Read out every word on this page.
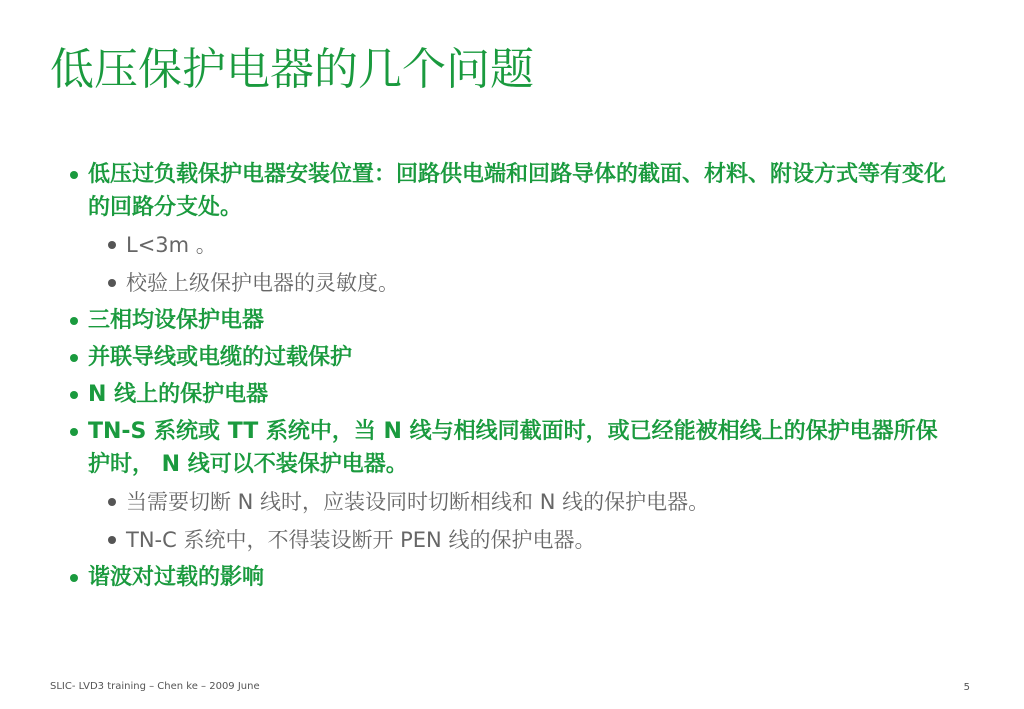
低压保护电器的几个问题
低压过负载保护电器安装位置：回路供电端和回路导体的截面、材料、附设方式等有变化的回路分支处。
L<3m 。
校验上级保护电器的灵敏度。
三相均设保护电器
并联导线或电缆的过载保护
N 线上的保护电器
TN-S 系统或 TT 系统中，当 N 线与相线同截面时，或已经能被相线上的保护电器所保护时， N 线可以不装保护电器。
当需要切断 N 线时，应装设同时切断相线和 N 线的保护电器。
TN-C 系统中，不得装设断开 PEN 线的保护电器。
谐波对过载的影响
SLIC- LVD3 training – Chen ke – 2009 June	5
